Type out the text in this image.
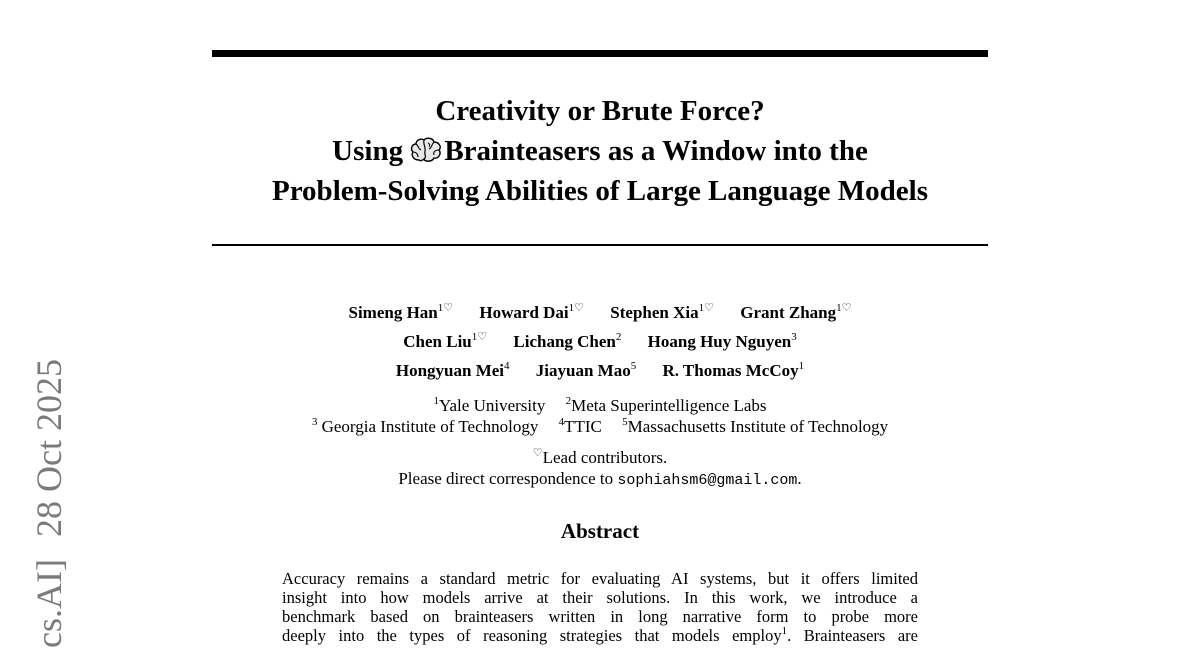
cs.AI]28 Oct 2025
Creativity or Brute Force?
Using Brainteasers as a Window into the
Problem-Solving Abilities of Large Language Models
Simeng Han$^{1♡}$ Howard Dai$^{1♡}$ Stephen Xia$^{1♡}$ Grant Zhang$^{1♡}$
Chen Liu$^{1♡}$ Lichang Chen$^2$ Hoang Huy Nguyen$^3$
Hongyuan Mei$^4$ Jiayuan Mao$^5$ R. Thomas McCoy$^1$
$^1$Yale University $^2$Meta Superintelligence Labs
$^3$ Georgia Institute of Technology $^4$TTIC $^5$Massachusetts Institute of Technology
♡Lead contributors.
Please direct correspondence to sophiahsm6@gmail.com.
Abstract
Accuracy remains a standard metric for evaluating AI systems, but it offers limited
insight into how models arrive at their solutions. In this work, we introduce a
benchmark based on brainteasers written in long narrative form to probe more
deeply into the types of reasoning strategies that models employ$^1$. Brainteasers are
